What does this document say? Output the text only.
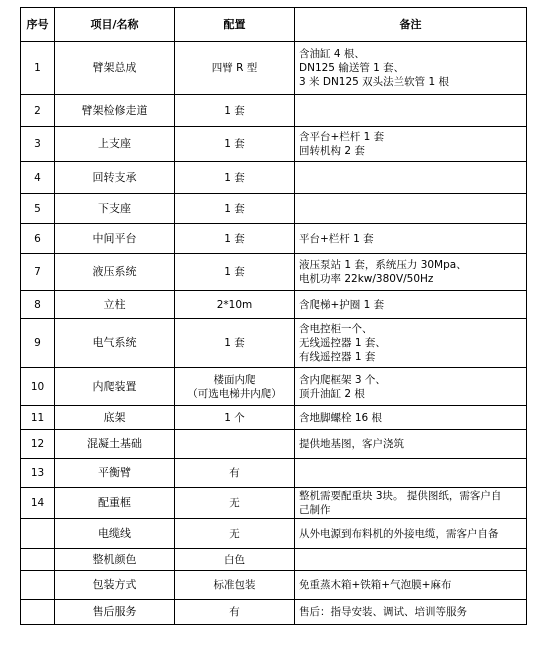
序号	项目/名称	配置	备注
1	臂架总成	四臂 R 型	含油缸 4 根、
DN125 输送管 1 套、
3 米 DN125 双头法兰软管 1 根

2	臂架检修走道	1 套	

3	上支座	1 套	含平台+栏杆 1 套
回转机构 2 套

4	回转支承	1 套	

5	下支座	1 套	

6	中间平台	1 套	平台+栏杆 1 套

7	液压系统	1 套	液压泵站 1 套，系统压力 30Mpa、
电机功率 22kw/380V/50Hz

8	立柱	2*10m	含爬梯+护圈 1 套

9	电气系统	1 套	含电控柜一个、
无线遥控器 1 套、
有线遥控器 1 套

10	内爬装置	楼面内爬
（可选电梯井内爬）	含内爬框架 3 个、
顶升油缸 2 根

11	底架	1 个	含地脚螺栓 16 根

12	混凝土基础		提供地基图，客户浇筑

13	平衡臂	有	

14	配重框	无	整机需要配重块 3块。 提供图纸，需客户自
己制作

	电缆线	无	从外电源到布料机的外接电缆，需客户自备

	整机颜色	白色	

	包装方式	标准包装	免重蒸木箱+铁箱+气泡膜+麻布

	售后服务	有	售后：指导安装、调试、培训等服务
